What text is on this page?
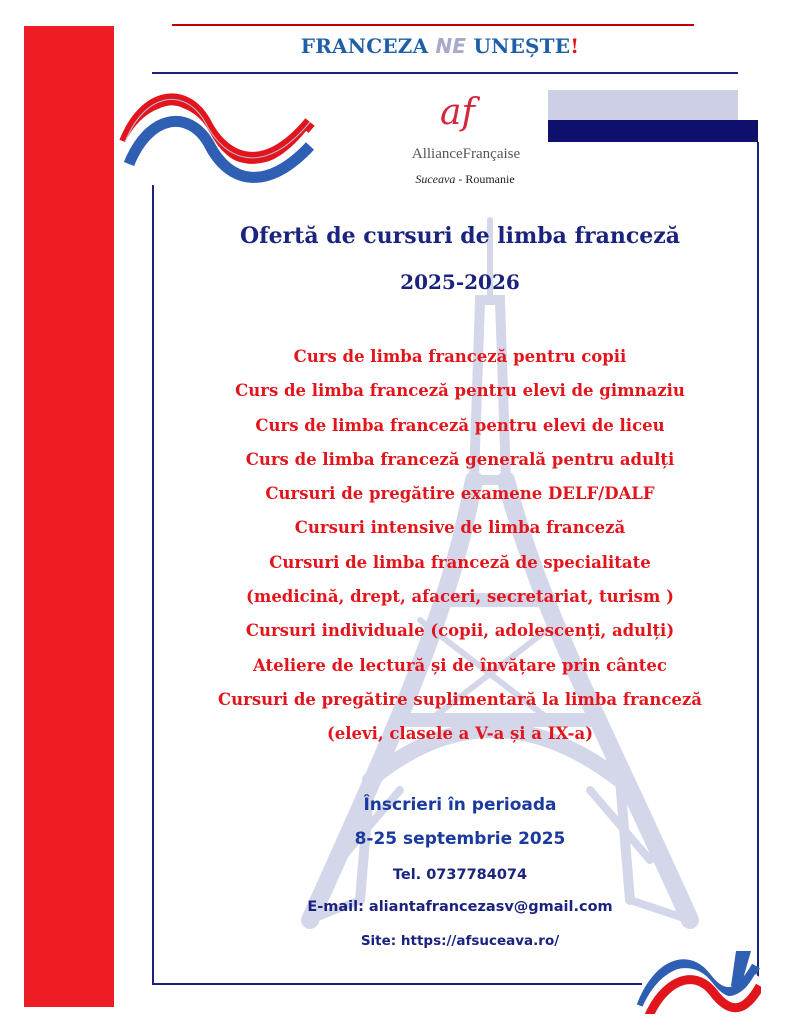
FRANCEZA NE UNEȘTE!
af
AllianceFrançaise
Suceava - Roumanie
Ofertă de cursuri de limba franceză
2025-2026
Curs de limba franceză pentru copii
Curs de limba franceză pentru elevi de gimnaziu
Curs de limba franceză pentru elevi de liceu
Curs de limba franceză generală pentru adulți
Cursuri de pregătire examene DELF/DALF
Cursuri intensive de limba franceză
Cursuri de limba franceză de specialitate
(medicină, drept, afaceri, secretariat, turism )
Cursuri individuale (copii, adolescenți, adulți)
Ateliere de lectură și de învățare prin cântec
Cursuri de pregătire suplimentară la limba franceză
(elevi, clasele a V-a și a IX-a)
Înscrieri în perioada
8-25 septembrie 2025
Tel. 0737784074
E-mail: aliantafrancezasv@gmail.com
Site: https://afsuceava.ro/
